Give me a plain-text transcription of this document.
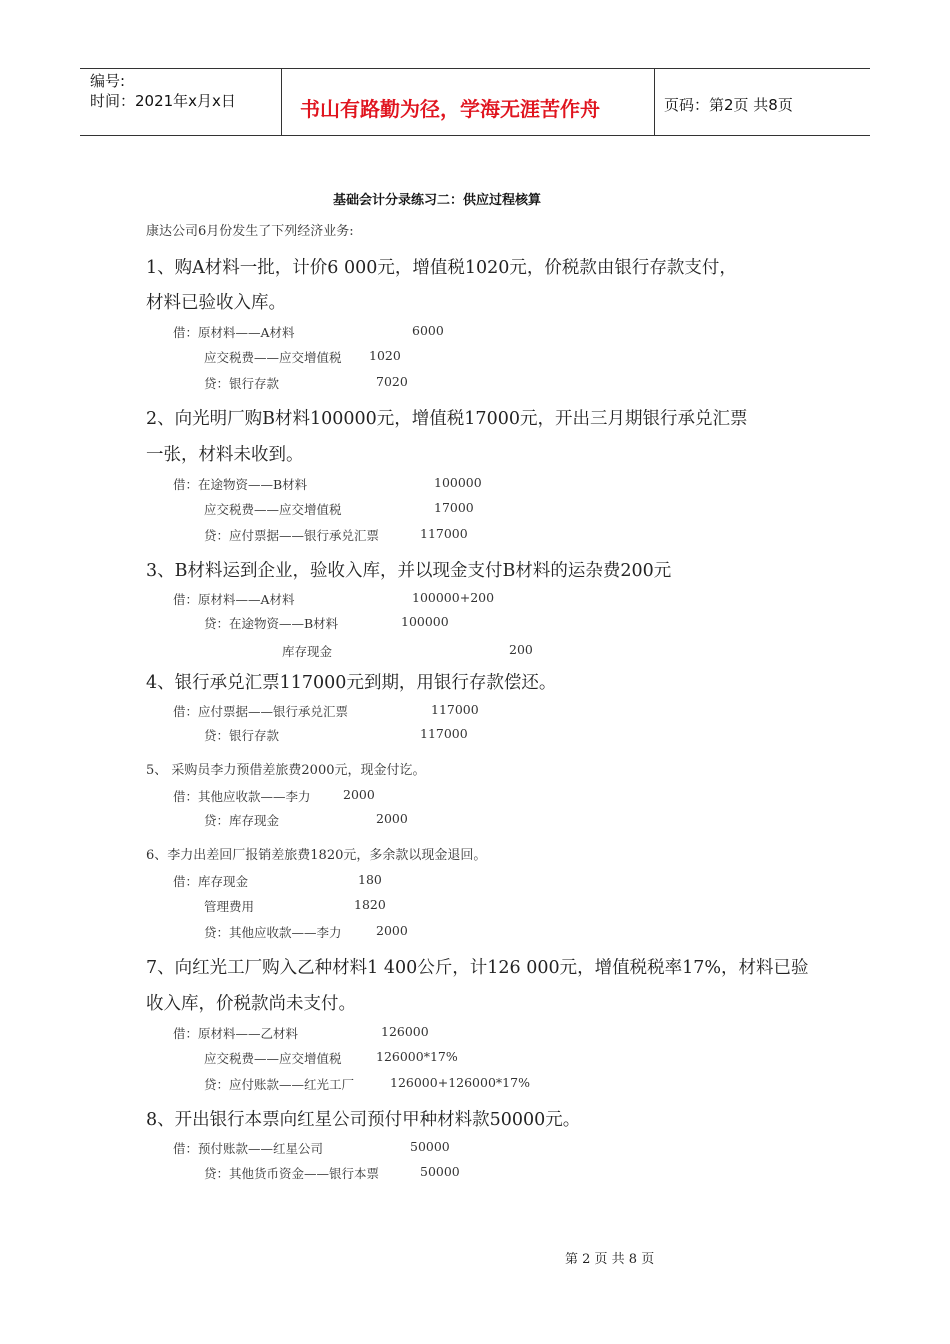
编号:
时间：2021年x月x日	书山有路勤为径，学海无涯苦作舟	页码：第2页 共8页
基础会计分录练习二：供应过程核算
康达公司6月份发生了下列经济业务:
1、购A材料一批，计价6 000元，增值税1020元，价税款由银行存款支付，
材料已验收入库。
借：原材料——A材料	6000
应交税费——应交增值税 1020
贷：银行存款	7020
2、向光明厂购B材料100000元，增值税17000元，开出三月期银行承兑汇票
一张，材料未收到。
借：在途物资——B材料	100000
应交税费——应交增值税	17000
贷：应付票据——银行承兑汇票	117000
3、B材料运到企业，验收入库，并以现金支付B材料的运杂费200元
借：原材料——A材料	100000+200
贷：在途物资——B材料	100000
库存现金	200
4、银行承兑汇票117000元到期，用银行存款偿还。
借：应付票据——银行承兑汇票	117000
贷：银行存款	117000
5、 采购员李力预借差旅费2000元，现金付讫。
借：其他应收款——李力	2000
贷：库存现金	2000
6、李力出差回厂报销差旅费1820元，多余款以现金退回。
借：库存现金	180
管理费用	1820
贷：其他应收款——李力	2000
7、向红光工厂购入乙种材料1 400公斤，计126 000元，增值税税率17%，材料已验
收入库，价税款尚未支付。
借：原材料——乙材料	126000
应交税费——应交增值税	126000*17%
贷：应付账款——红光工厂	126000+126000*17%
8、开出银行本票向红星公司预付甲种材料款50000元。
借：预付账款——红星公司	50000
贷：其他货币资金——银行本票	50000
第 2 页 共 8 页
